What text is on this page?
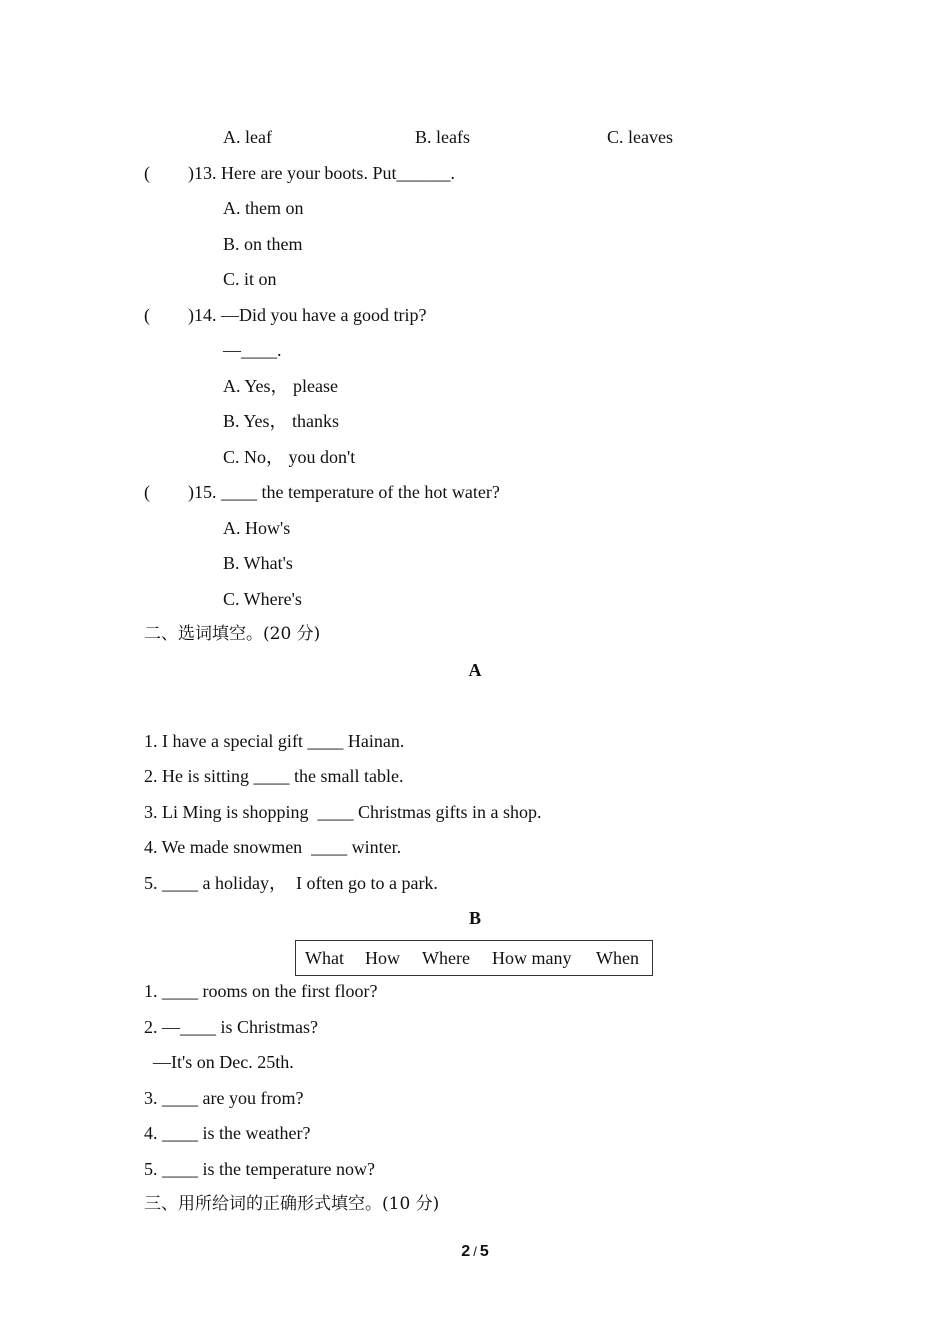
A. leaf	B. leafs	C. leaves
( )13. Here are your boots. Put______.
A. them on
B. on them
C. it on
( )14. —Did you have a good trip?
—____.
A. Yes， please
B. Yes， thanks
C. No， you don't
( )15. ____ the temperature of the hot water?
A. How's
B. What's
C. Where's
二、选词填空。(20 分)
A
1. I have a special gift ____ Hainan.
2. He is sitting ____ the small table.
3. Li Ming is shopping  ____ Christmas gifts in a shop.
4. We made snowmen  ____ winter.
5. ____ a holiday，  I often go to a park.
B
What How Where How many When
1. ____ rooms on the first floor?
2. —____ is Christmas?
—It's on Dec. 25th.
3. ____ are you from?
4. ____ is the weather?
5. ____ is the temperature now?
三、用所给词的正确形式填空。(10 分)
2 / 5
